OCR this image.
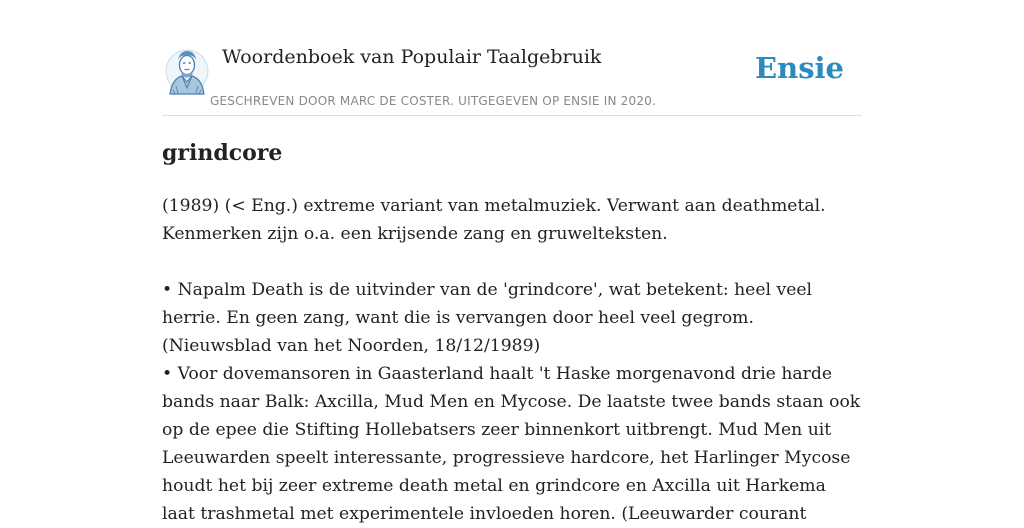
Woordenboek van Populair Taalgebruik
GESCHREVEN DOOR MARC DE COSTER. UITGEGEVEN OP ENSIE IN 2020.
Ensie
grindcore
(1989) (< Eng.) extreme variant van metalmuziek. Verwant aan deathmetal. Kenmerken zijn o.a. een krijsende zang en gruwelteksten.
• Napalm Death is de uitvinder van de 'grindcore', wat betekent: heel veel herrie. En geen zang, want die is vervangen door heel veel gegrom. (Nieuwsblad van het Noorden, 18/12/1989)
• Voor dovemansoren in Gaasterland haalt 't Haske morgenavond drie harde bands naar Balk: Axcilla, Mud Men en Mycose. De laatste twee bands staan ook op de epee die Stifting Hollebatsers zeer binnenkort uitbrengt. Mud Men uit Leeuwarden speelt interessante, progressieve hardcore, het Harlinger Mycose houdt het bij zeer extreme death metal en grindcore en Axcilla uit Harkema laat trashmetal met experimentele invloeden horen. (Leeuwarder courant
